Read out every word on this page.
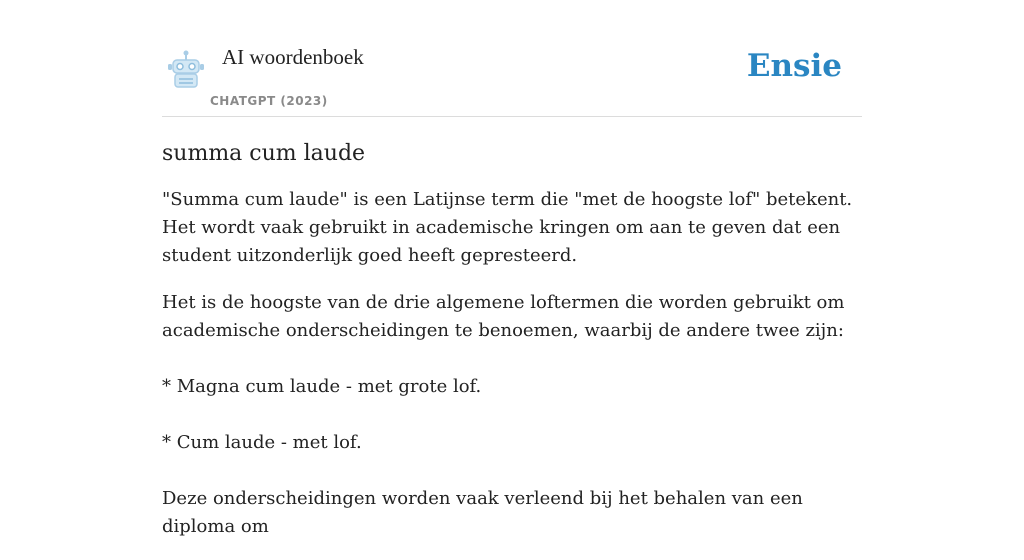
AI woordenboek
CHATGPT (2023)
Ensie
summa cum laude

"Summa cum laude" is een Latijnse term die "met de hoogste lof" betekent. Het wordt vaak gebruikt in academische kringen om aan te geven dat een student uitzonderlijk goed heeft gepresteerd.

Het is de hoogste van de drie algemene loftermen die worden gebruikt om academische onderscheidingen te benoemen, waarbij de andere twee zijn:

* Magna cum laude - met grote lof.

* Cum laude - met lof.

Deze onderscheidingen worden vaak verleend bij het behalen van een diploma om
